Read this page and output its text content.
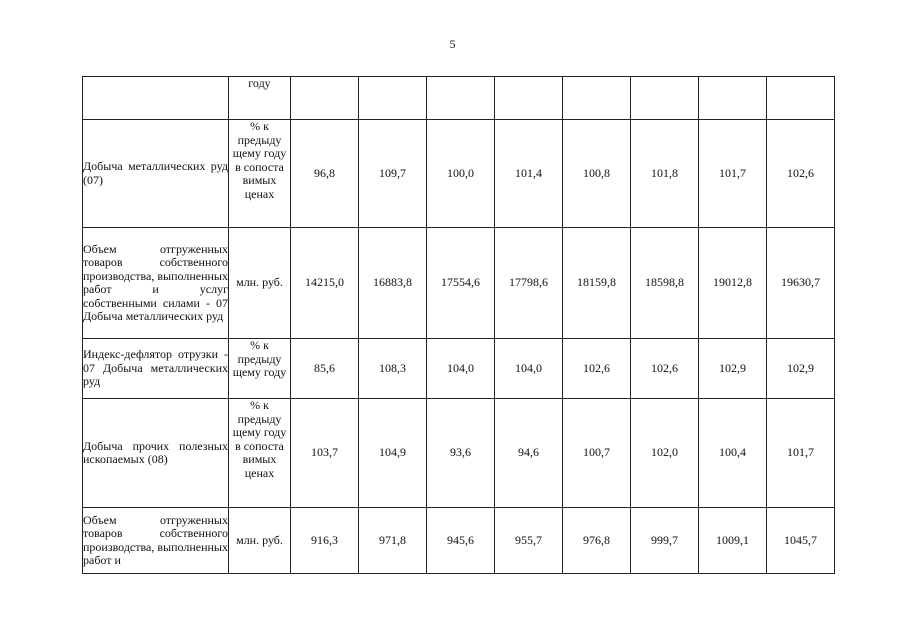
5

	году								

Добыча металлических руд (07)	% к предыду щему году в сопоста вимых ценах	96,8	109,7	100,0	101,4	100,8	101,8	101,7	102,6
Объем отгруженных товаров собственного производства, выполненных работ и услуг собственными силами - 07 Добыча металлических руд	млн. руб.	14215,0	16883,8	17554,6	17798,6	18159,8	18598,8	19012,8	19630,7
Индекс-дефлятор отрузки - 07 Добыча металлических руд	% к предыду щему году	85,6	108,3	104,0	104,0	102,6	102,6	102,9	102,9
Добыча прочих полезных ископаемых (08)	% к предыду щему году в сопоста вимых ценах	103,7	104,9	93,6	94,6	100,7	102,0	100,4	101,7
Объем отгруженных товаров собственного производства, выполненных работ и	млн. руб.	916,3	971,8	945,6	955,7	976,8	999,7	1009,1	1045,7
